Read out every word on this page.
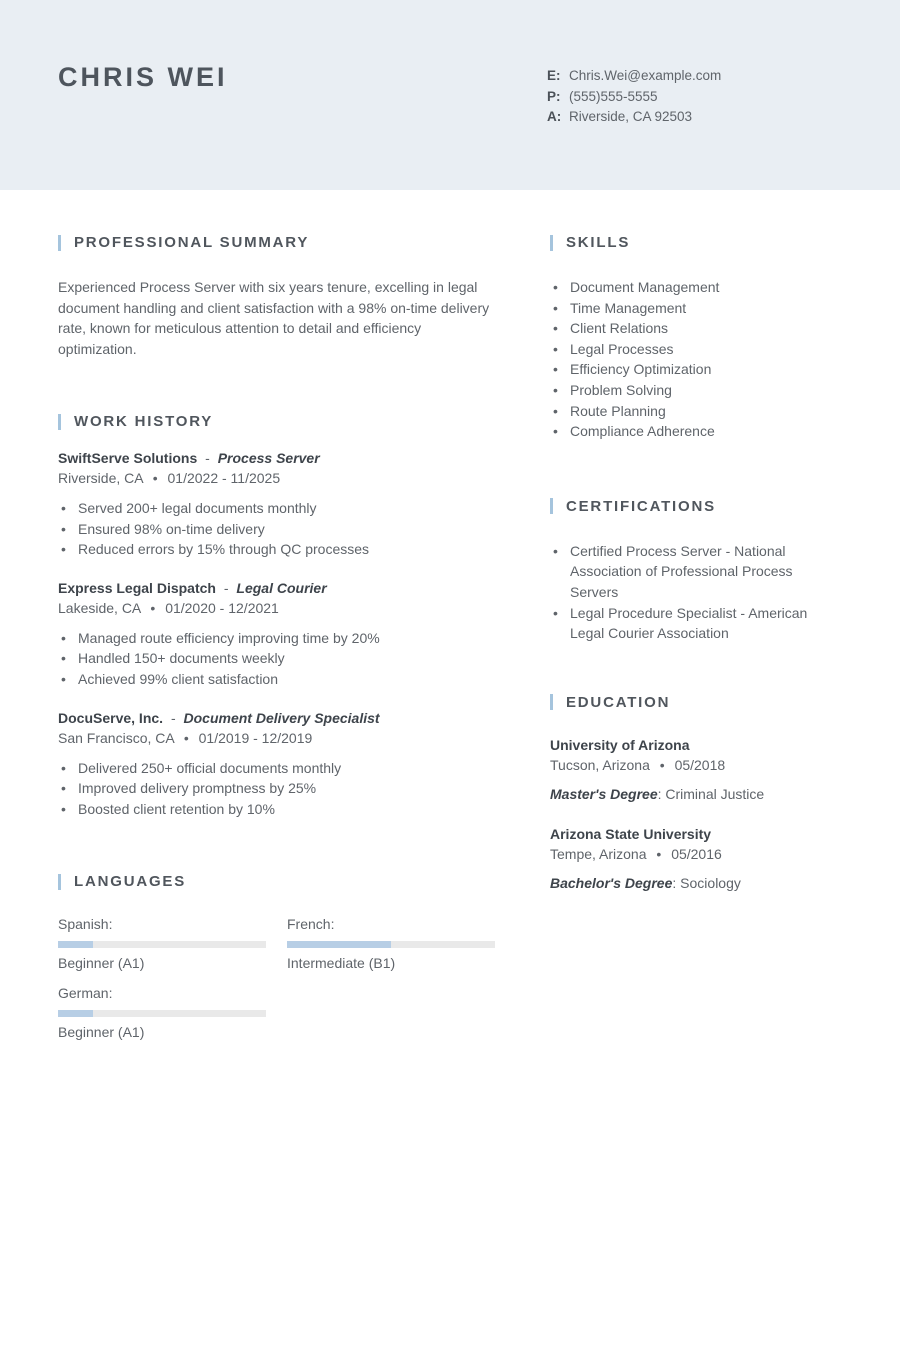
CHRIS WEI	E: Chris.Wei@example.com
P: (555)555-5555
A: Riverside, CA 92503
PROFESSIONAL SUMMARY

Experienced Process Server with six years tenure, excelling in legal document handling and client satisfaction with a 98% on-time delivery rate, known for meticulous attention to detail and efficiency optimization.

WORK HISTORY
SwiftServe Solutions - Process Server
Riverside, CA • 01/2022 - 11/2025
• Served 200+ legal documents monthly
• Ensured 98% on-time delivery
• Reduced errors by 15% through QC processes
Express Legal Dispatch - Legal Courier
Lakeside, CA • 01/2020 - 12/2021
• Managed route efficiency improving time by 20%
• Handled 150+ documents weekly
• Achieved 99% client satisfaction
DocuServe, Inc. - Document Delivery Specialist
San Francisco, CA • 01/2019 - 12/2019
• Delivered 250+ official documents monthly
• Improved delivery promptness by 25%
• Boosted client retention by 10%
LANGUAGES
Spanish:
Beginner (A1)
French:
Intermediate (B1)
German:
Beginner (A1)
SKILLS
• Document Management
• Time Management
• Client Relations
• Legal Processes
• Efficiency Optimization
• Problem Solving
• Route Planning
• Compliance Adherence
CERTIFICATIONS
• Certified Process Server - National Association of Professional Process Servers
• Legal Procedure Specialist - American Legal Courier Association
EDUCATION
University of Arizona
Tucson, Arizona • 05/2018
Master's Degree: Criminal Justice
Arizona State University
Tempe, Arizona • 05/2016
Bachelor's Degree: Sociology
